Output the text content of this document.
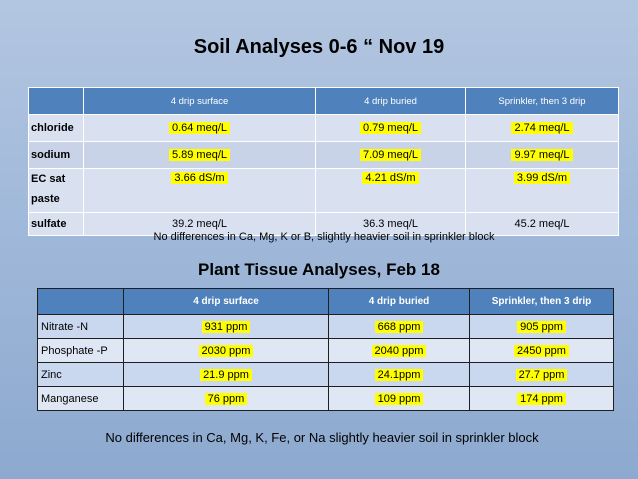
Soil Analyses 0-6 “ Nov 19
	4 drip surface	4 drip buried	Sprinkler, then 3 drip
chloride	0.64 meq/L	0.79 meq/L	2.74 meq/L
sodium	5.89 meq/L	7.09 meq/L	9.97 meq/L
EC sat
paste	3.66 dS/m	4.21 dS/m	3.99 dS/m
sulfate	39.2 meq/L	36.3 meq/L	45.2 meq/L

No differences in Ca, Mg, K or B, slightly heavier soil in sprinkler block

Plant Tissue Analyses, Feb 18
	4 drip surface	4 drip buried	Sprinkler, then 3 drip
Nitrate -N	931 ppm	668 ppm	905 ppm
Phosphate -P	2030 ppm	2040 ppm	2450 ppm
Zinc	21.9 ppm	24.1ppm	27.7 ppm
Manganese	76 ppm	109 ppm	174 ppm

No differences in Ca, Mg, K, Fe, or Na slightly heavier soil in sprinkler block
